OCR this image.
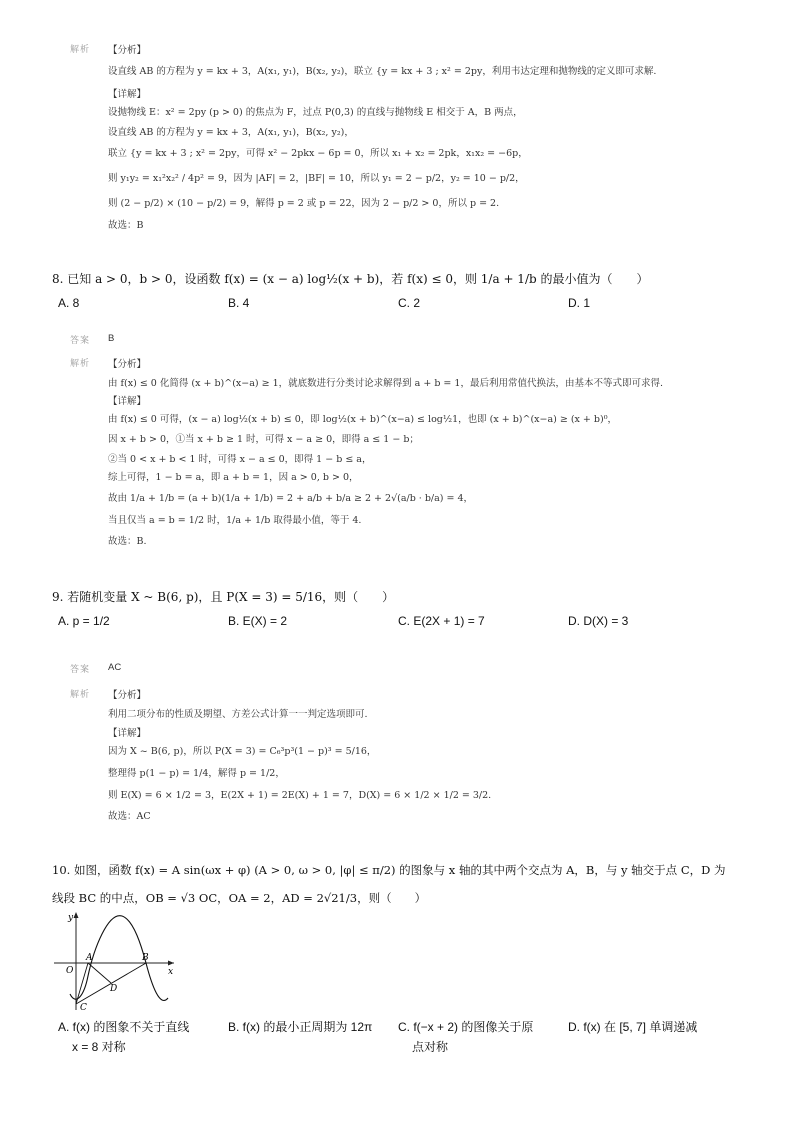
解析 【分析】
设直线 AB 的方程为 y = kx + 3，A(x₁, y₁)，B(x₂, y₂)，联立 {y = kx + 3 ; x² = 2py，利用韦达定理和抛物线的定义即可求解.
【详解】
设抛物线 E：x² = 2py (p > 0) 的焦点为 F，过点 P(0,3) 的直线与抛物线 E 相交于 A，B 两点，
设直线 AB 的方程为 y = kx + 3，A(x₁, y₁)，B(x₂, y₂)，
联立 {y = kx + 3 ; x² = 2py，可得 x² − 2pkx − 6p = 0，所以 x₁ + x₂ = 2pk，x₁x₂ = −6p，
则 y₁y₂ = x₁²x₂² / 4p² = 9，因为 |AF| = 2，|BF| = 10，所以 y₁ = 2 − p/2，y₂ = 10 − p/2，
则 (2 − p/2) × (10 − p/2) = 9，解得 p = 2 或 p = 22，因为 2 − p/2 > 0，所以 p = 2.
故选：B
8. 已知 a > 0，b > 0，设函数 f(x) = (x − a) log½(x + b)，若 f(x) ≤ 0，则 1/a + 1/b 的最小值为（　　）
A. 8	B. 4	C. 2	D. 1
答案 B
解析 【分析】
由 f(x) ≤ 0 化简得 (x + b)^(x−a) ≥ 1，就底数进行分类讨论求解得到 a + b = 1，最后利用常值代换法，由基本不等式即可求得.
【详解】
由 f(x) ≤ 0 可得，(x − a) log½(x + b) ≤ 0，即 log½(x + b)^(x−a) ≤ log½1，也即 (x + b)^(x−a) ≥ (x + b)⁰，
因 x + b > 0，①当 x + b ≥ 1 时，可得 x − a ≥ 0，即得 a ≤ 1 − b；
②当 0 < x + b < 1 时，可得 x − a ≤ 0，即得 1 − b ≤ a，
综上可得，1 − b = a，即 a + b = 1，因 a > 0, b > 0，
故由 1/a + 1/b = (a + b)(1/a + 1/b) = 2 + a/b + b/a ≥ 2 + 2√(a/b · b/a) = 4，
当且仅当 a = b = 1/2 时，1/a + 1/b 取得最小值，等于 4.
故选：B.
9. 若随机变量 X ~ B(6, p)，且 P(X = 3) = 5/16，则（　　）
A. p = 1/2	B. E(X) = 2	C. E(2X + 1) = 7	D. D(X) = 3
答案 AC
解析 【分析】
利用二项分布的性质及期望、方差公式计算一一判定选项即可.
【详解】
因为 X ~ B(6, p)，所以 P(X = 3) = C₆³p³(1 − p)³ = 5/16，
整理得 p(1 − p) = 1/4，解得 p = 1/2，
则 E(X) = 6 × 1/2 = 3，E(2X + 1) = 2E(X) + 1 = 7，D(X) = 6 × 1/2 × 1/2 = 3/2.
故选：AC
10. 如图，函数 f(x) = A sin(ωx + φ) (A > 0, ω > 0, |φ| ≤ π/2) 的图象与 x 轴的其中两个交点为 A，B，与 y 轴交于点 C，D 为
线段 BC 的中点，OB = √3 OC，OA = 2，AD = 2√21/3，则（　　）
y
x
O
A	B
C
D
A. f(x) 的图象不关于直线
x = 8 对称
B. f(x) 的最小正周期为 12π C. f(−x + 2) 的图像关于原
点对称
D. f(x) 在 [5, 7] 单调递减
